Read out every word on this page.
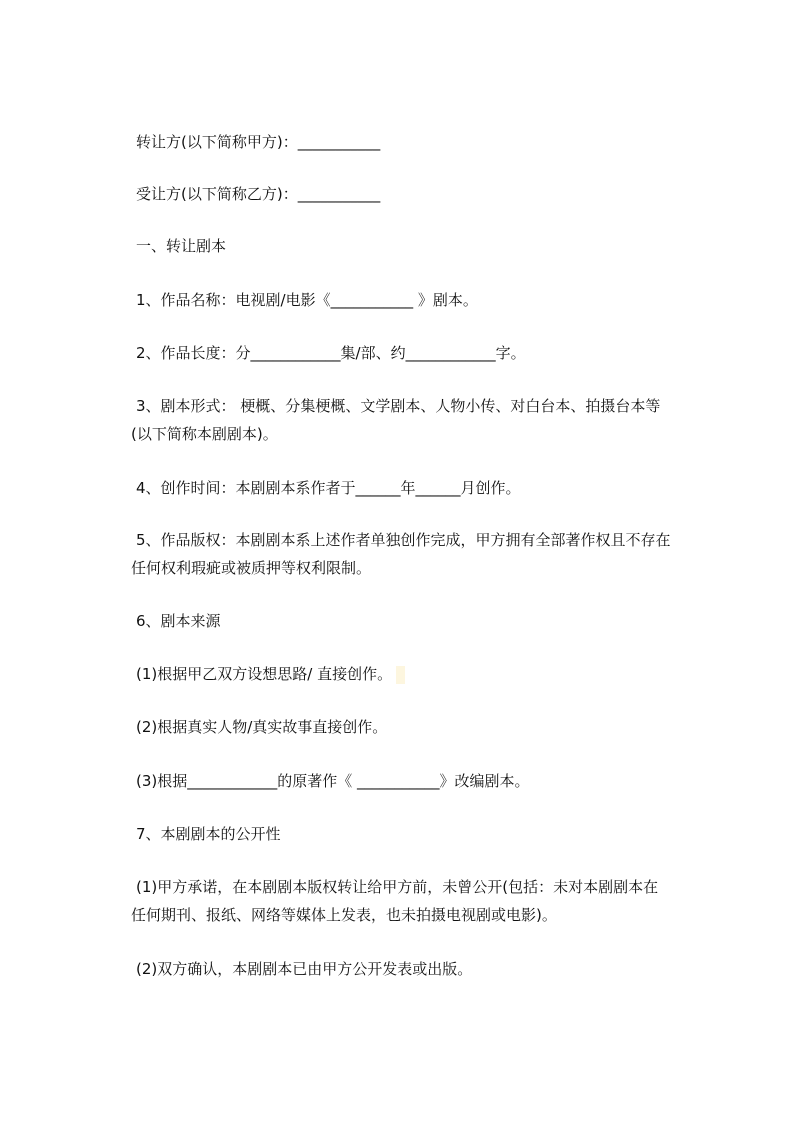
转让方(以下简称甲方)：___________

受让方(以下简称乙方)：___________

一、转让剧本

1、作品名称：电视剧/电影《___________ 》剧本。

2、作品长度：分____________集/部、约____________字。

3、剧本形式： 梗概、分集梗概、文学剧本、人物小传、对白台本、拍摄台本等

(以下简称本剧剧本)。

4、创作时间：本剧剧本系作者于______年______月创作。

5、作品版权：本剧剧本系上述作者单独创作完成，甲方拥有全部著作权且不存在

任何权利瑕疵或被质押等权利限制。

6、剧本来源

(1)根据甲乙双方设想思路/ 直接创作。

(2)根据真实人物/真实故事直接创作。

(3)根据____________的原著作《 ___________》改编剧本。

7、本剧剧本的公开性

(1)甲方承诺，在本剧剧本版权转让给甲方前，未曾公开(包括：未对本剧剧本在

任何期刊、报纸、网络等媒体上发表，也未拍摄电视剧或电影)。

(2)双方确认，本剧剧本已由甲方公开发表或出版。
